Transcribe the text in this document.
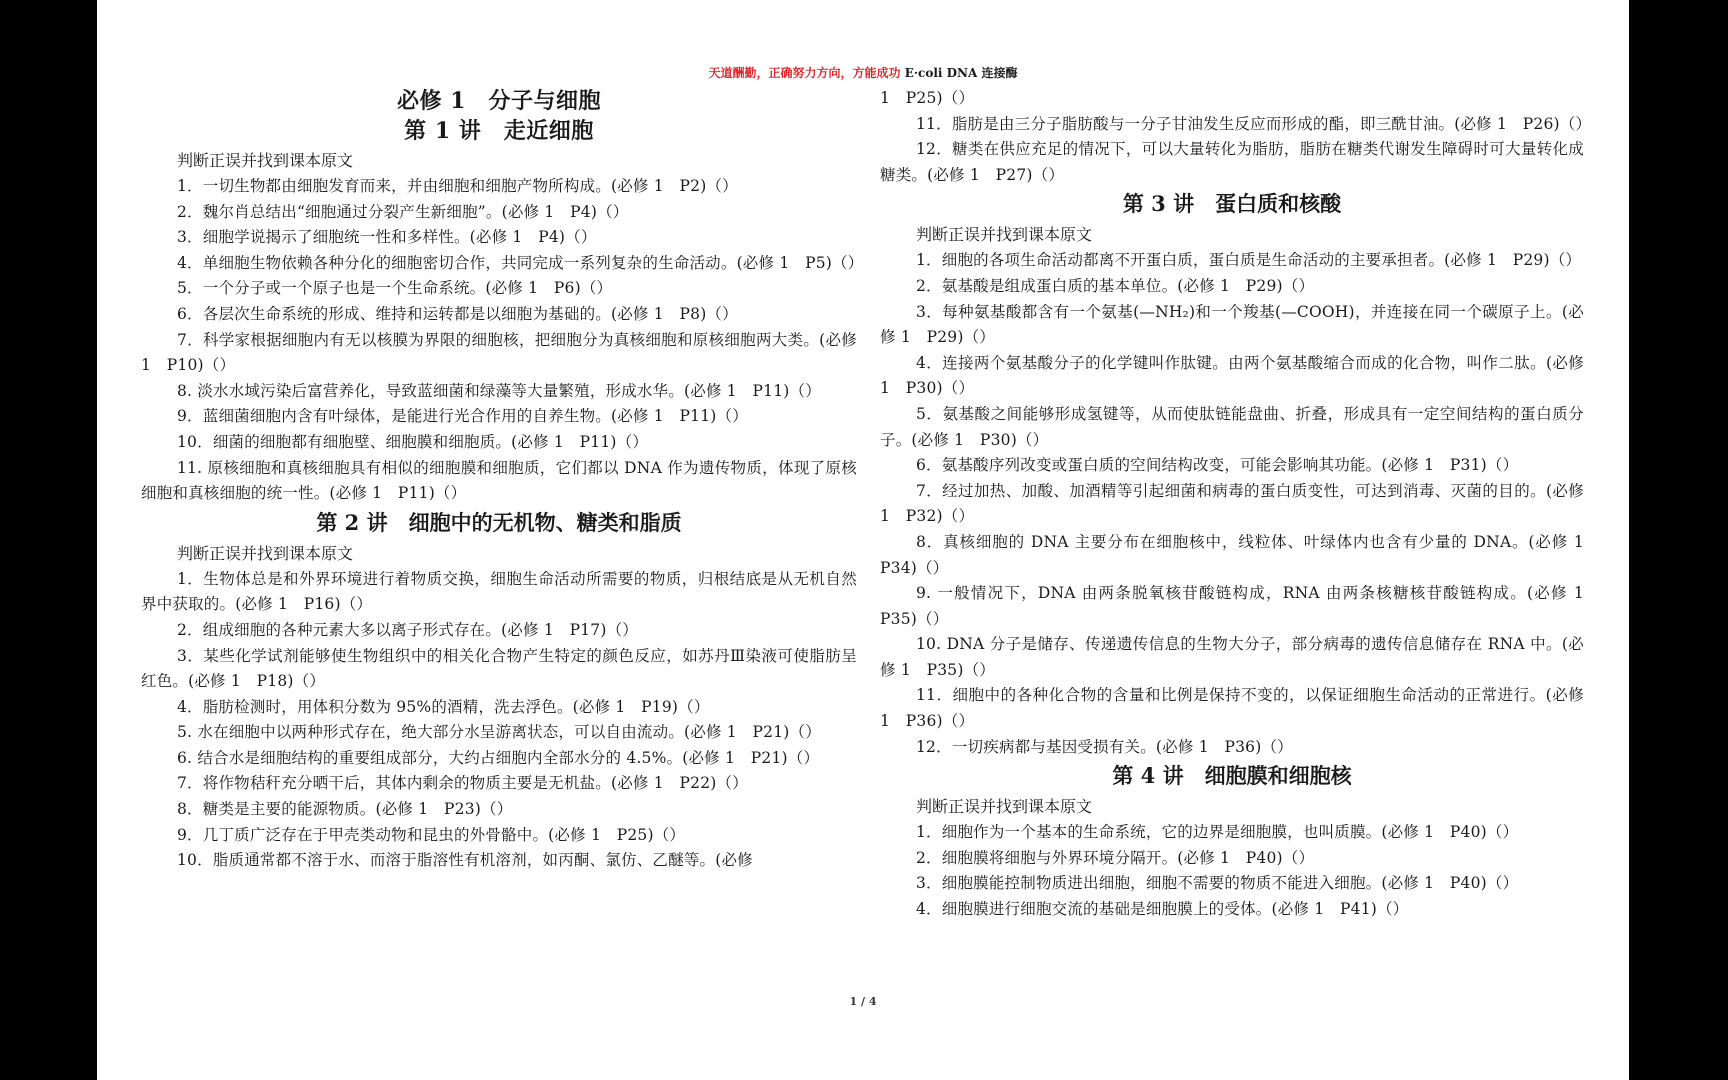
天道酬勤，正确努力方向，方能成功 E·coli DNA 连接酶
必修 1　分子与细胞
第 1 讲　走近细胞
判断正误并找到课本原文
1．一切生物都由细胞发育而来，并由细胞和细胞产物所构成。(必修 1　P2)（）
2．魏尔肖总结出“细胞通过分裂产生新细胞”。(必修 1　P4)（）
3．细胞学说揭示了细胞统一性和多样性。(必修 1　P4)（）
4．单细胞生物依赖各种分化的细胞密切合作，共同完成一系列复杂的生命活动。(必修 1　P5)（）
5．一个分子或一个原子也是一个生命系统。(必修 1　P6)（）
6．各层次生命系统的形成、维持和运转都是以细胞为基础的。(必修 1　P8)（）
7．科学家根据细胞内有无以核膜为界限的细胞核，把细胞分为真核细胞和原核细胞两大类。(必修 1　P10)（）
8. 淡水水域污染后富营养化，导致蓝细菌和绿藻等大量繁殖，形成水华。(必修 1　P11)（）
9．蓝细菌细胞内含有叶绿体，是能进行光合作用的自养生物。(必修 1　P11)（）
10．细菌的细胞都有细胞壁、细胞膜和细胞质。(必修 1　P11)（）
11. 原核细胞和真核细胞具有相似的细胞膜和细胞质，它们都以 DNA 作为遗传物质，体现了原核细胞和真核细胞的统一性。(必修 1　P11)（）
第 2 讲　细胞中的无机物、糖类和脂质
判断正误并找到课本原文
1．生物体总是和外界环境进行着物质交换，细胞生命活动所需要的物质，归根结底是从无机自然界中获取的。(必修 1　P16)（）
2．组成细胞的各种元素大多以离子形式存在。(必修 1　P17)（）
3．某些化学试剂能够使生物组织中的相关化合物产生特定的颜色反应，如苏丹Ⅲ染液可使脂肪呈红色。(必修 1　P18)（）
4．脂肪检测时，用体积分数为 95%的酒精，洗去浮色。(必修 1　P19)（）
5. 水在细胞中以两种形式存在，绝大部分水呈游离状态，可以自由流动。(必修 1　P21)（）
6. 结合水是细胞结构的重要组成部分，大约占细胞内全部水分的 4.5%。(必修 1　P21)（）
7．将作物秸秆充分晒干后，其体内剩余的物质主要是无机盐。(必修 1　P22)（）
8．糖类是主要的能源物质。(必修 1　P23)（）
9．几丁质广泛存在于甲壳类动物和昆虫的外骨骼中。(必修 1　P25)（）
10．脂质通常都不溶于水、而溶于脂溶性有机溶剂，如丙酮、氯仿、乙醚等。(必修
1　P25)（）
11．脂肪是由三分子脂肪酸与一分子甘油发生反应而形成的酯，即三酰甘油。(必修 1　P26)（）
12．糖类在供应充足的情况下，可以大量转化为脂肪，脂肪在糖类代谢发生障碍时可大量转化成糖类。(必修 1　P27)（）
第 3 讲　蛋白质和核酸
判断正误并找到课本原文
1．细胞的各项生命活动都离不开蛋白质，蛋白质是生命活动的主要承担者。(必修 1　P29)（）
2．氨基酸是组成蛋白质的基本单位。(必修 1　P29)（）
3．每种氨基酸都含有一个氨基(—NH₂)和一个羧基(—COOH)，并连接在同一个碳原子上。(必修 1　P29)（）
4．连接两个氨基酸分子的化学键叫作肽键。由两个氨基酸缩合而成的化合物，叫作二肽。(必修 1　P30)（）
5．氨基酸之间能够形成氢键等，从而使肽链能盘曲、折叠，形成具有一定空间结构的蛋白质分子。(必修 1　P30)（）
6．氨基酸序列改变或蛋白质的空间结构改变，可能会影响其功能。(必修 1　P31)（）
7．经过加热、加酸、加酒精等引起细菌和病毒的蛋白质变性，可达到消毒、灭菌的目的。(必修 1　P32)（）
8．真核细胞的 DNA 主要分布在细胞核中，线粒体、叶绿体内也含有少量的 DNA。(必修 1　P34)（）
9. 一般情况下，DNA 由两条脱氧核苷酸链构成，RNA 由两条核糖核苷酸链构成。(必修 1　P35)（）
10. DNA 分子是储存、传递遗传信息的生物大分子，部分病毒的遗传信息储存在 RNA 中。(必修 1　P35)（）
11．细胞中的各种化合物的含量和比例是保持不变的，以保证细胞生命活动的正常进行。(必修 1　P36)（）
12．一切疾病都与基因受损有关。(必修 1　P36)（）
第 4 讲　细胞膜和细胞核
判断正误并找到课本原文
1．细胞作为一个基本的生命系统，它的边界是细胞膜，也叫质膜。(必修 1　P40)（）
2．细胞膜将细胞与外界环境分隔开。(必修 1　P40)（）
3．细胞膜能控制物质进出细胞，细胞不需要的物质不能进入细胞。(必修 1　P40)（）
4．细胞膜进行细胞交流的基础是细胞膜上的受体。(必修 1　P41)（）
1 / 4
